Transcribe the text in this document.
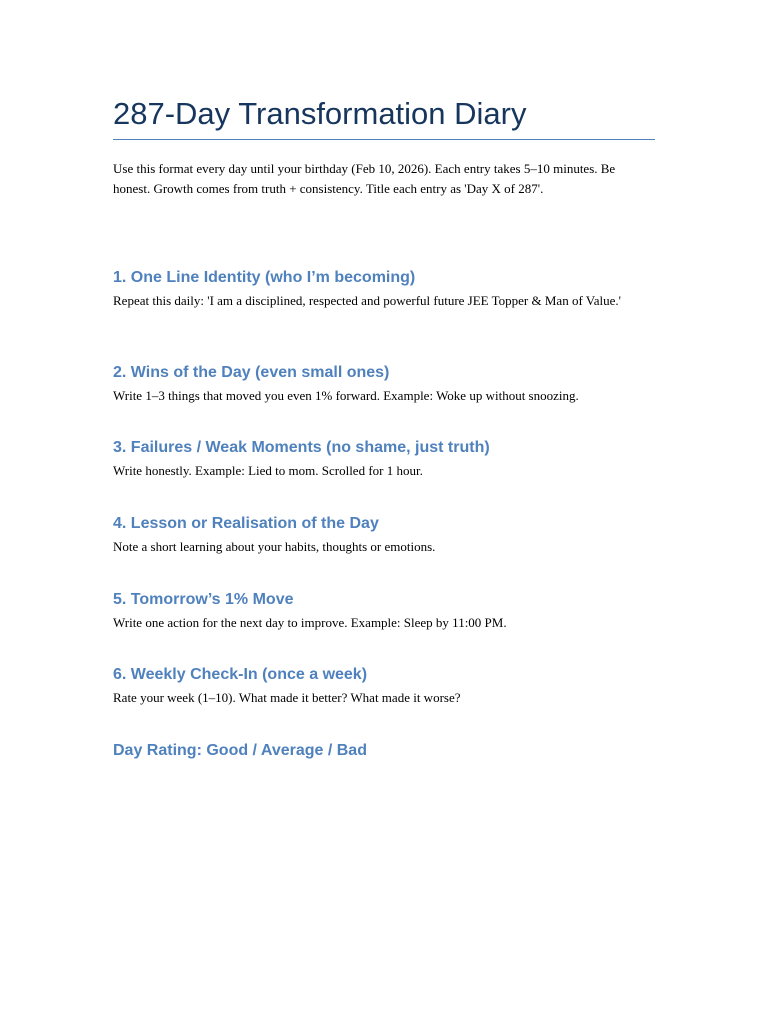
287-Day Transformation Diary

Use this format every day until your birthday (Feb 10, 2026). Each entry takes 5–10 minutes. Be honest. Growth comes from truth + consistency. Title each entry as 'Day X of 287'.

1. One Line Identity (who I’m becoming)

Repeat this daily: 'I am a disciplined, respected and powerful future JEE Topper & Man of Value.'

2. Wins of the Day (even small ones)

Write 1–3 things that moved you even 1% forward. Example: Woke up without snoozing.

3. Failures / Weak Moments (no shame, just truth)

Write honestly. Example: Lied to mom. Scrolled for 1 hour.

4. Lesson or Realisation of the Day

Note a short learning about your habits, thoughts or emotions.

5. Tomorrow’s 1% Move

Write one action for the next day to improve. Example: Sleep by 11:00 PM.

6. Weekly Check-In (once a week)

Rate your week (1–10). What made it better? What made it worse?

Day Rating: Good / Average / Bad
